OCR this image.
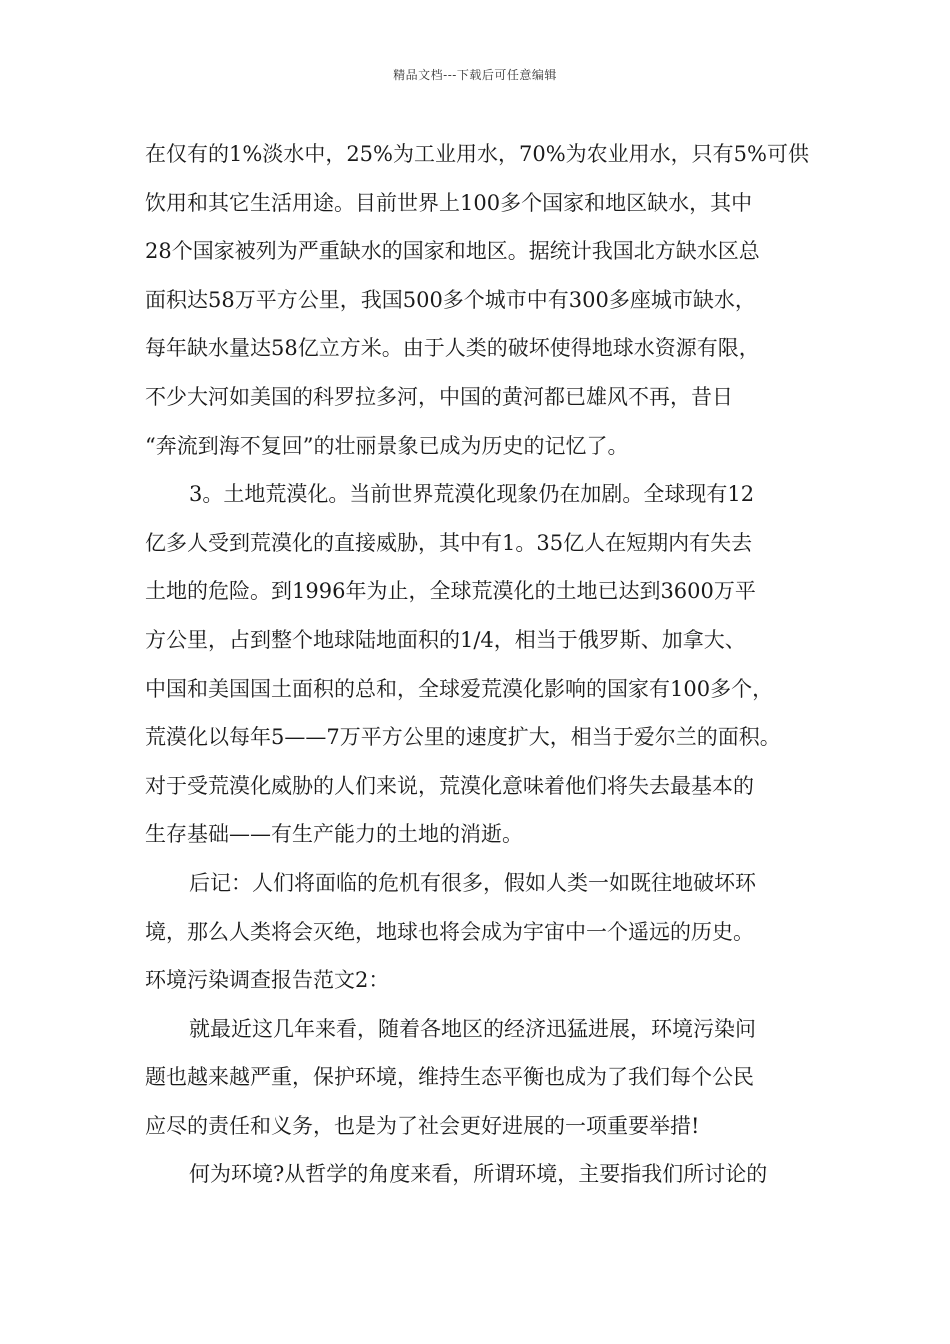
精品文档---下载后可任意编辑
在仅有的1%淡水中，25%为工业用水，70%为农业用水，只有5%可供
饮用和其它生活用途。目前世界上100多个国家和地区缺水，其中
28个国家被列为严重缺水的国家和地区。据统计我国北方缺水区总
面积达58万平方公里，我国500多个城市中有300多座城市缺水，
每年缺水量达58亿立方米。由于人类的破坏使得地球水资源有限，
不少大河如美国的科罗拉多河，中国的黄河都已雄风不再，昔日
“奔流到海不复回”的壮丽景象已成为历史的记忆了。
3。土地荒漠化。当前世界荒漠化现象仍在加剧。全球现有12
亿多人受到荒漠化的直接威胁，其中有1。35亿人在短期内有失去
土地的危险。到1996年为止，全球荒漠化的土地已达到3600万平
方公里，占到整个地球陆地面积的1/4，相当于俄罗斯、加拿大、
中国和美国国土面积的总和，全球爱荒漠化影响的国家有100多个，
荒漠化以每年5——7万平方公里的速度扩大，相当于爱尔兰的面积。
对于受荒漠化威胁的人们来说，荒漠化意味着他们将失去最基本的
生存基础——有生产能力的土地的消逝。
后记：人们将面临的危机有很多，假如人类一如既往地破坏环
境，那么人类将会灭绝，地球也将会成为宇宙中一个遥远的历史。
环境污染调查报告范文2：
就最近这几年来看，随着各地区的经济迅猛进展，环境污染问
题也越来越严重，保护环境，维持生态平衡也成为了我们每个公民
应尽的责任和义务，也是为了社会更好进展的一项重要举措!
何为环境?从哲学的角度来看，所谓环境，主要指我们所讨论的
